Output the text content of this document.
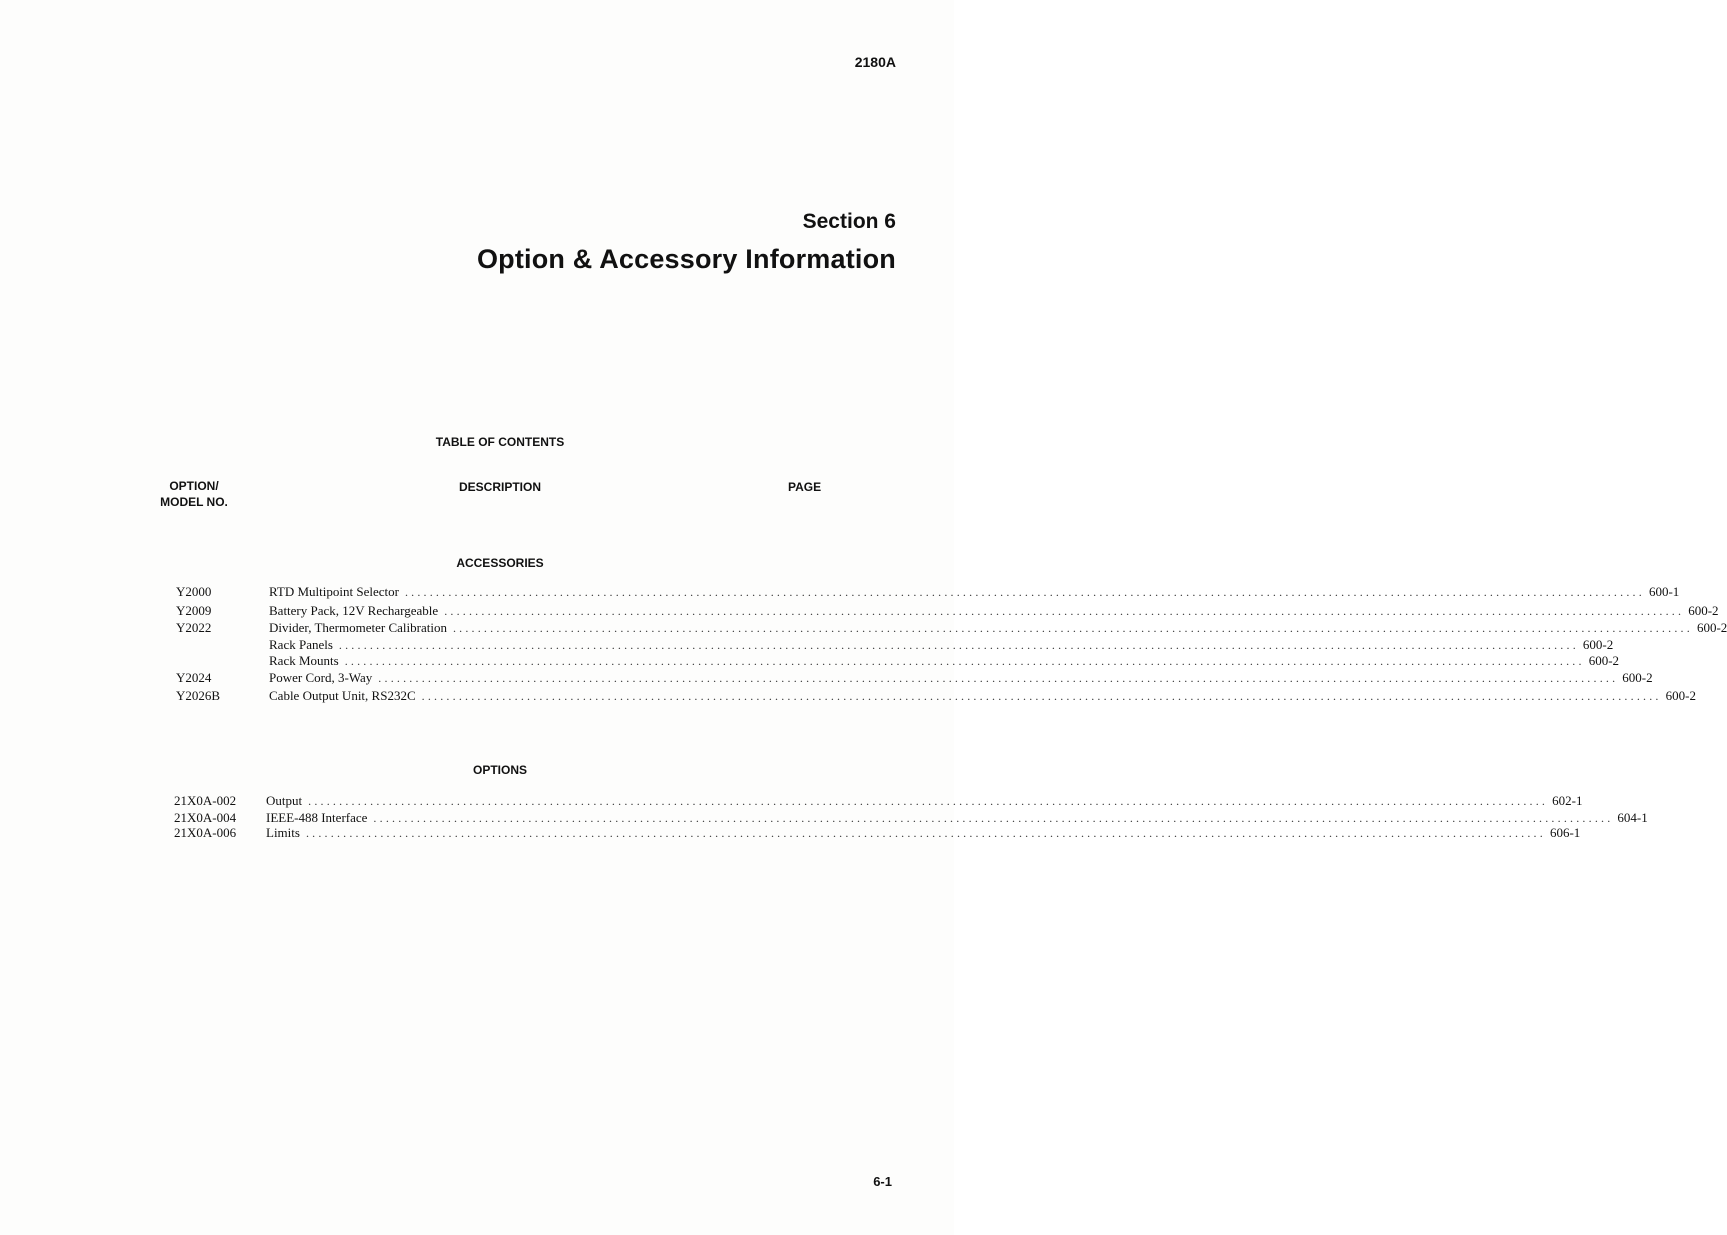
2180A
Section 6
Option & Accessory Information
TABLE OF CONTENTS
OPTION/
MODEL NO.
DESCRIPTION	PAGE
ACCESSORIES
Y2000	RTD Multipoint Selector ........................................................................................................................................................................................................ 600-1
Y2009	Battery Pack, 12V Rechargeable ........................................................................................................................................................................................................ 600-2
Y2022	Divider, Thermometer Calibration ........................................................................................................................................................................................................ 600-2
Rack Panels ........................................................................................................................................................................................................ 600-2
Rack Mounts ........................................................................................................................................................................................................ 600-2
Y2024	Power Cord, 3-Way ........................................................................................................................................................................................................ 600-2
Y2026B	Cable Output Unit, RS232C ........................................................................................................................................................................................................ 600-2
OPTIONS
21X0A-002 Output ........................................................................................................................................................................................................ 602-1
21X0A-004 IEEE-488 Interface ........................................................................................................................................................................................................ 604-1
21X0A-006 Limits ........................................................................................................................................................................................................ 606-1
6-1
